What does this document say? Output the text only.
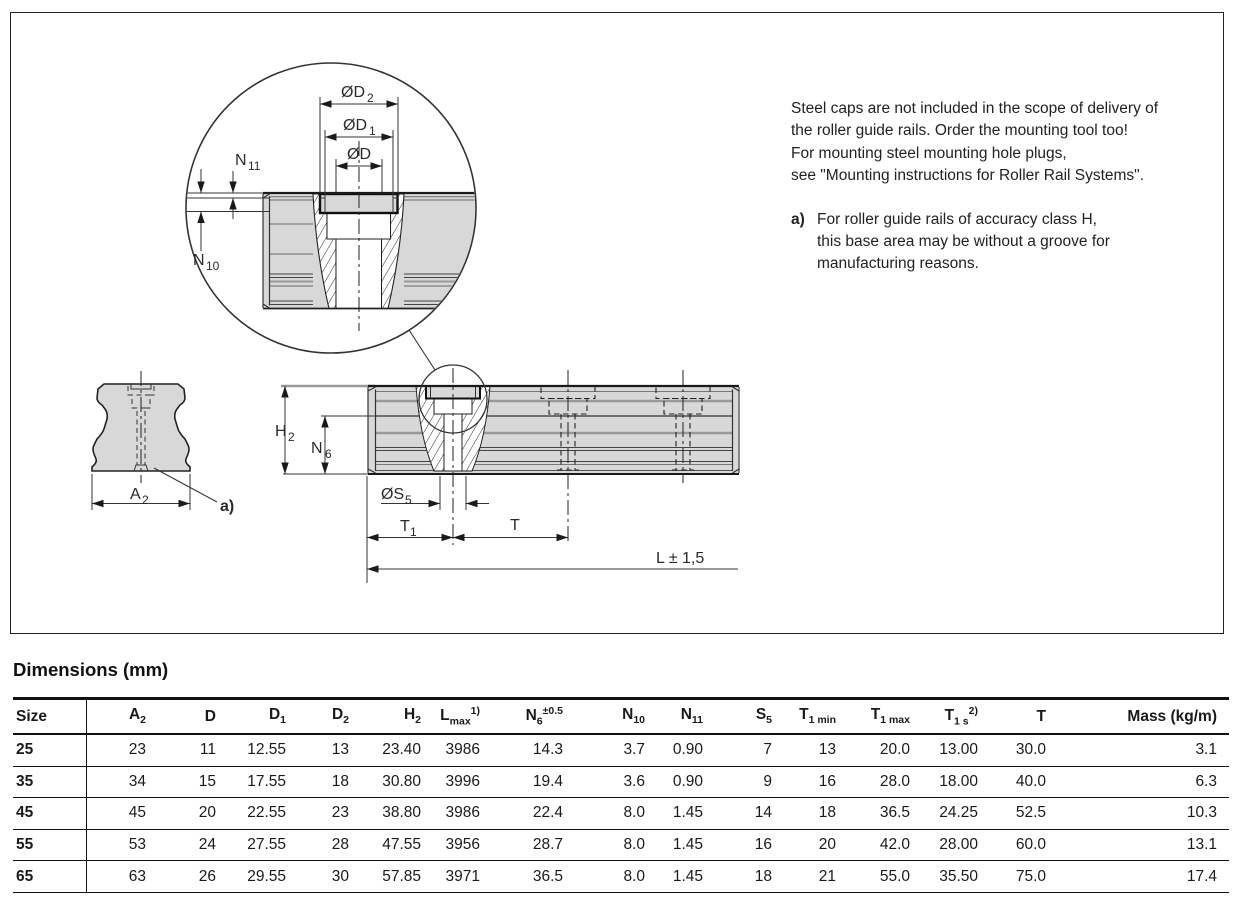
ØD 2
ØD 1
ØD
N 11
N 10
A 2	a)
H 2
N 6
ØS 5
T 1	T
L ± 1,5
Steel caps are not included in the scope of delivery of
the roller guide rails. Order the mounting tool too!
For mounting steel mounting hole plugs,
see "Mounting instructions for Roller Rail Systems".
a) For roller guide rails of accuracy class H,
this base area may be without a groove for
manufacturing reasons.
Dimensions (mm)
Size	$A_2$	D	$D_1$	$D_2$	$H_2$	$L_{max}^{1)}$	$N_6^{\pm 0.5}$	$N_{10}$	$N_{11}$	$S_5$	$T_{1 min}$	$T_{1 max}$	$T_{1 s}^{2)}$	T	Mass (kg/m)
25	23	11	12.55	13	23.40	3986	14.3	3.7	0.90	7	13	20.0	13.00	30.0	3.1
35	34	15	17.55	18	30.80	3996	19.4	3.6	0.90	9	16	28.0	18.00	40.0	6.3
45	45	20	22.55	23	38.80	3986	22.4	8.0	1.45	14	18	36.5	24.25	52.5	10.3
55	53	24	27.55	28	47.55	3956	28.7	8.0	1.45	16	20	42.0	28.00	60.0	13.1
65	63	26	29.55	30	57.85	3971	36.5	8.0	1.45	18	21	55.0	35.50	75.0	17.4
